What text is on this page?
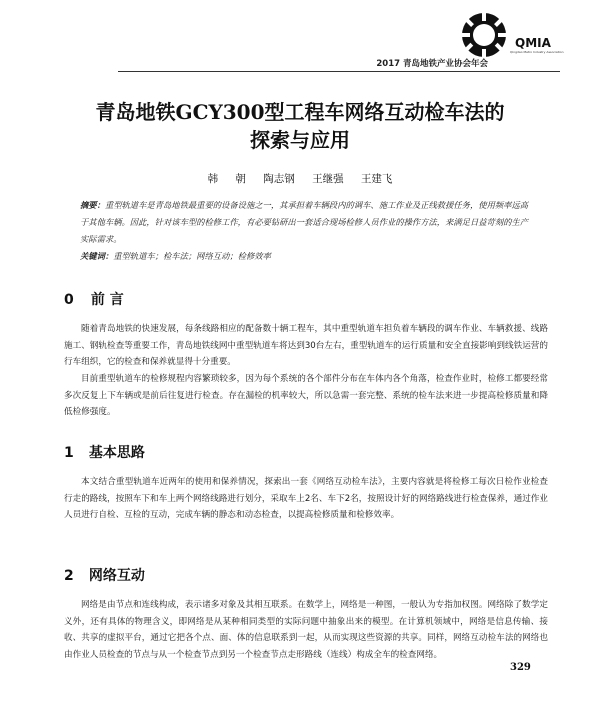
QMIA
Qingdao Metro Industry Association
2017 青岛地铁产业协会年会
青岛地铁GCY300型工程车网络互动检车法的
探索与应用
韩 朝 陶志钢 王继强 王建飞
摘要：重型轨道车是青岛地铁最重要的设备设施之一，其承担着车辆段内的调车、施工作业及正线救援任务，使用频率远高于其他车辆。因此，针对该车型的检修工作，有必要钻研出一套适合现场检修人员作业的操作方法，来满足日益苛刻的生产实际需求。
关键词：重型轨道车；检车法；网络互动；检修效率
0 前 言

随着青岛地铁的快速发展，每条线路相应的配备数十辆工程车，其中重型轨道车担负着车辆段的调车作业、车辆救援、线路施工、钢轨检查等重要工作，青岛地铁线网中重型轨道车将达到30台左右，重型轨道车的运行质量和安全直接影响到线铁运营的行车组织，它的检查和保养就显得十分重要。

目前重型轨道车的检修规程内容繁琐较多，因为每个系统的各个部件分布在车体内各个角落，检查作业时，检修工都要经常多次反复上下车辆或是前后往复进行检查。存在漏检的机率较大，所以急需一套完整、系统的检车法来进一步提高检修质量和降低检修强度。

1 基本思路

本文结合重型轨道车近两年的使用和保养情况，探索出一套《网络互动检车法》，主要内容就是将检修工每次日检作业检查行走的路线，按照车下和车上两个网络线路进行划分，采取车上2名、车下2名，按照设计好的网络路线进行检查保养，通过作业人员进行自检、互检的互动，完成车辆的静态和动态检查，以提高检修质量和检修效率。

2 网络互动

网络是由节点和连线构成，表示诸多对象及其相互联系。在数学上，网络是一种图，一般认为专指加权图。网络除了数学定义外，还有具体的物理含义，即网络是从某种相同类型的实际问题中抽象出来的模型。在计算机领域中，网络是信息传输、接收、共享的虚拟平台，通过它把各个点、面、体的信息联系到一起，从而实现这些资源的共享。同样，网络互动检车法的网络也由作业人员检查的节点与从一个检查节点到另一个检查节点走形路线（连线）构成全车的检查网络。

329
